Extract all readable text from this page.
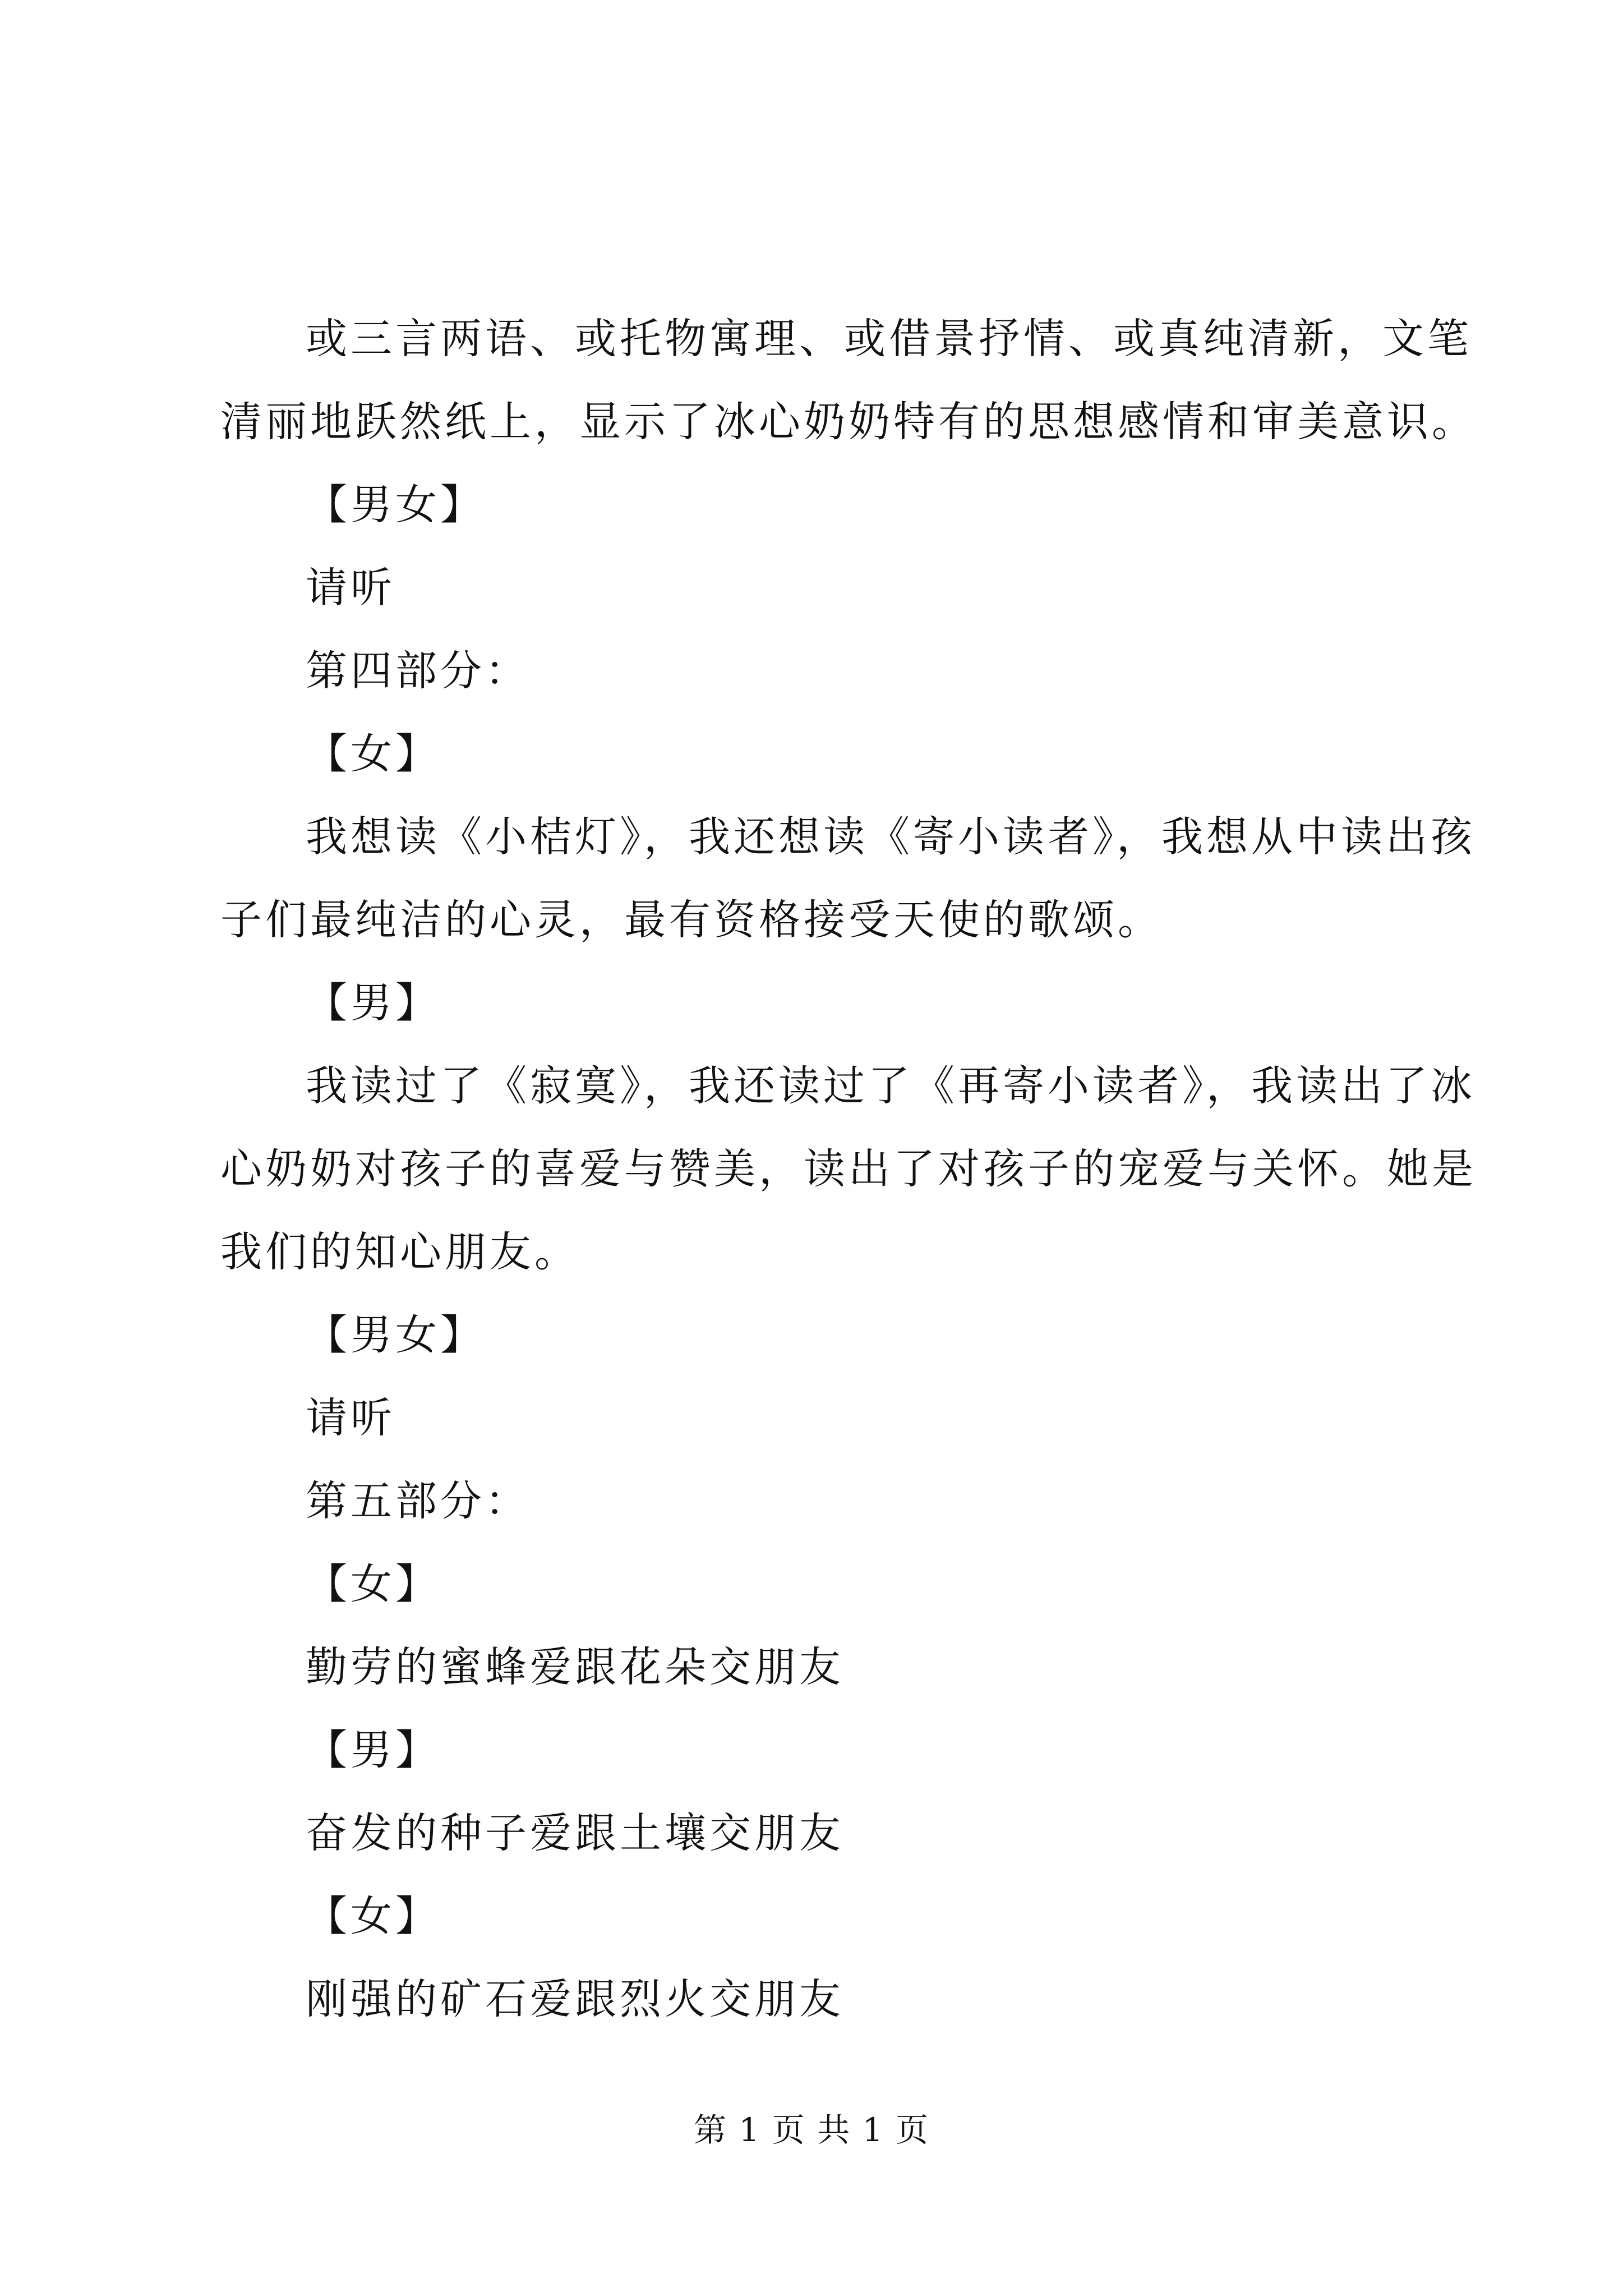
或三言两语、或托物寓理、或借景抒情、或真纯清新，文笔
清丽地跃然纸上，显示了冰心奶奶特有的思想感情和审美意识。
【男女】
请听
第四部分：
【女】
我想读《小桔灯》，我还想读《寄小读者》，我想从中读出孩
子们最纯洁的心灵，最有资格接受天使的歌颂。
【男】
我读过了《寂寞》，我还读过了《再寄小读者》，我读出了冰
心奶奶对孩子的喜爱与赞美，读出了对孩子的宠爱与关怀。她是
我们的知心朋友。
【男女】
请听
第五部分：
【女】
勤劳的蜜蜂爱跟花朵交朋友
【男】
奋发的种子爱跟土壤交朋友
【女】
刚强的矿石爱跟烈火交朋友
第 1 页 共 1 页
